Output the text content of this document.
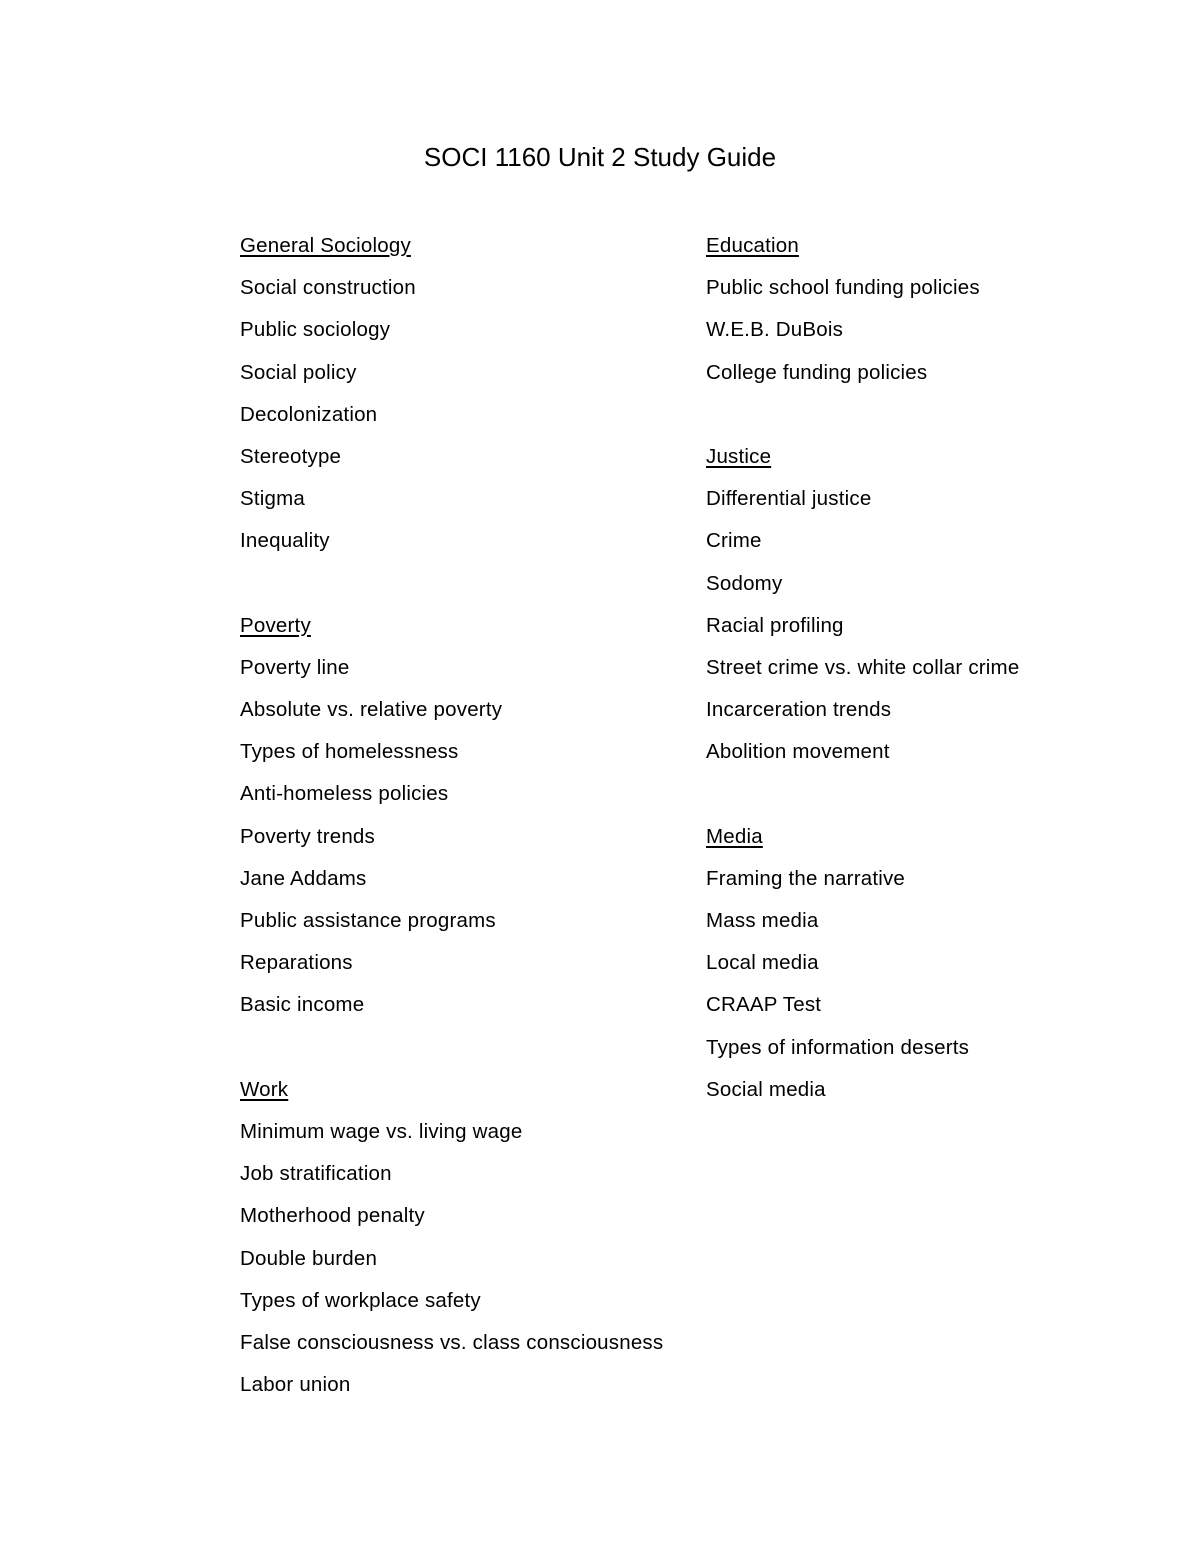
SOCI 1160 Unit 2 Study Guide
General Sociology
Social construction
Public sociology
Social policy
Decolonization
Stereotype
Stigma
Inequality
Poverty
Poverty line
Absolute vs. relative poverty
Types of homelessness
Anti-homeless policies
Poverty trends
Jane Addams
Public assistance programs
Reparations
Basic income
Work
Minimum wage vs. living wage
Job stratification
Motherhood penalty
Double burden
Types of workplace safety
False consciousness vs. class consciousness
Labor union
Education
Public school funding policies
W.E.B. DuBois
College funding policies
Justice
Differential justice
Crime
Sodomy
Racial profiling
Street crime vs. white collar crime
Incarceration trends
Abolition movement
Media
Framing the narrative
Mass media
Local media
CRAAP Test
Types of information deserts
Social media
